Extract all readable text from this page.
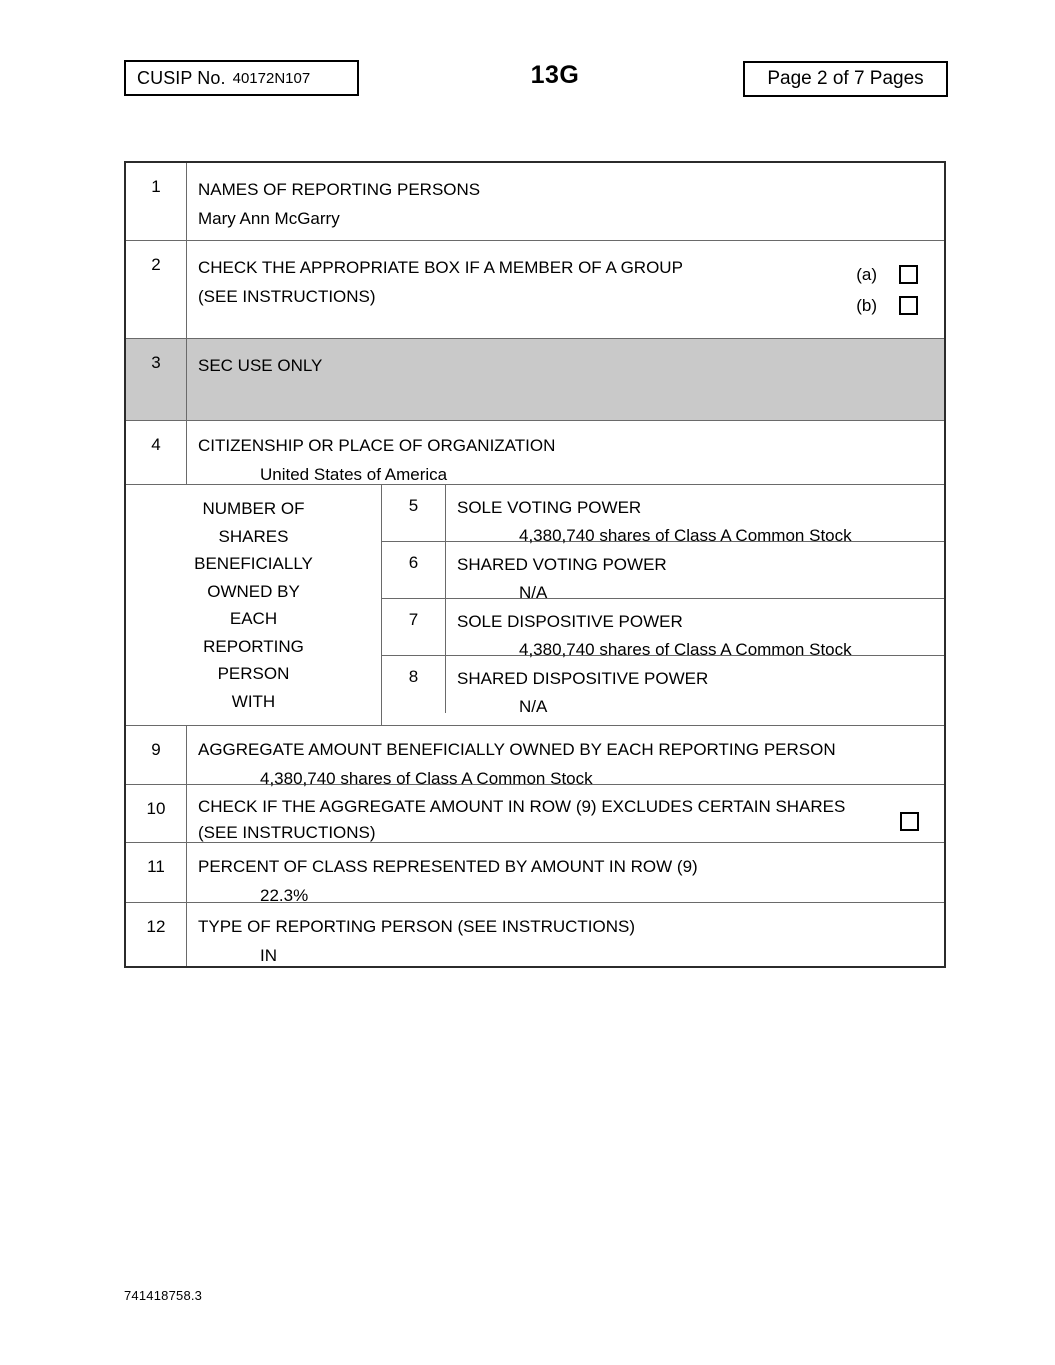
CUSIP No. 40172N107	13G	Page 2 of 7 Pages
1	NAMES OF REPORTING PERSONS
Mary Ann McGarry
2	CHECK THE APPROPRIATE BOX IF A MEMBER OF A GROUP
(SEE INSTRUCTIONS)
(a)
(b)
3	SEC USE ONLY
4	CITIZENSHIP OR PLACE OF ORGANIZATION
United States of America
NUMBER OF
SHARES
BENEFICIALLY
OWNED BY
EACH
REPORTING
PERSON
WITH
5	SOLE VOTING POWER
4,380,740 shares of Class A Common Stock
6	SHARED VOTING POWER
N/A
7	SOLE DISPOSITIVE POWER
4,380,740 shares of Class A Common Stock
8	SHARED DISPOSITIVE POWER
N/A
9	AGGREGATE AMOUNT BENEFICIALLY OWNED BY EACH REPORTING PERSON
4,380,740 shares of Class A Common Stock
10	CHECK IF THE AGGREGATE AMOUNT IN ROW (9) EXCLUDES CERTAIN SHARES
(SEE INSTRUCTIONS)
11	PERCENT OF CLASS REPRESENTED BY AMOUNT IN ROW (9)
22.3%
12	TYPE OF REPORTING PERSON (SEE INSTRUCTIONS)
IN
741418758.3
